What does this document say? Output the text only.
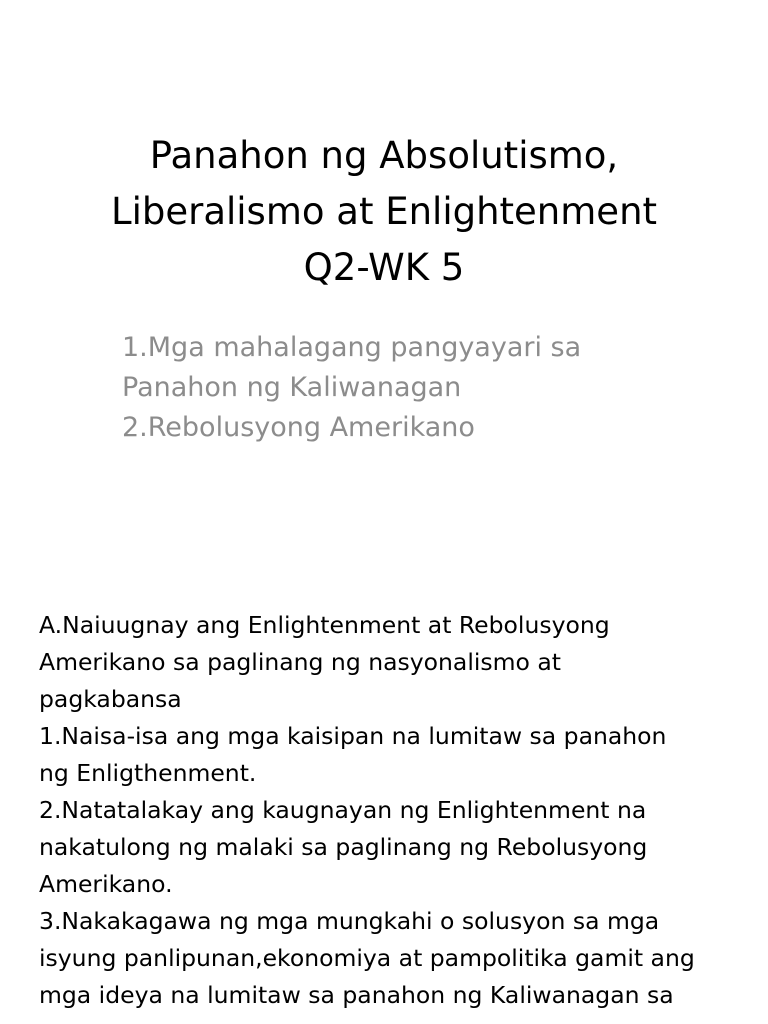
Panahon ng Absolutismo,
Liberalismo at Enlightenment
Q2-WK 5
1.Mga mahalagang pangyayari sa
Panahon ng Kaliwanagan
2.Rebolusyong Amerikano
A.Naiuugnay ang Enlightenment at Rebolusyong
Amerikano sa paglinang ng nasyonalismo at
pagkabansa
1.Naisa-isa ang mga kaisipan na lumitaw sa panahon
ng Enligthenment.
2.Natatalakay ang kaugnayan ng Enlightenment na
nakatulong ng malaki sa paglinang ng Rebolusyong
Amerikano.
3.Nakakagawa ng mga mungkahi o solusyon sa mga
isyung panlipunan,ekonomiya at pampolitika gamit ang
mga ideya na lumitaw sa panahon ng Kaliwanagan sa
